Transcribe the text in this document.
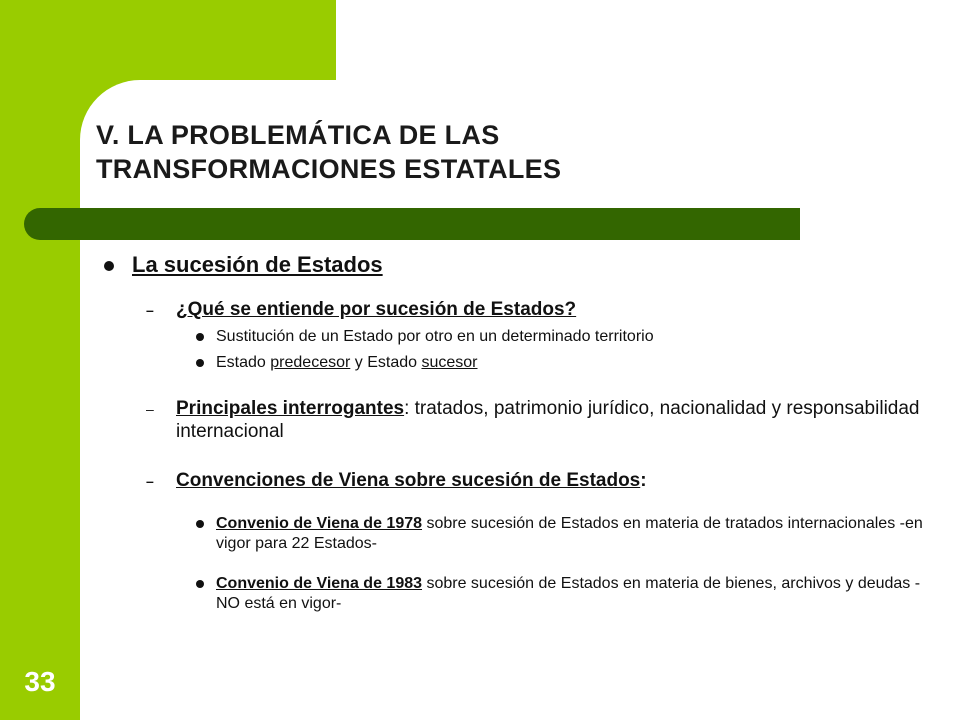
V. LA PROBLEMÁTICA DE LAS
TRANSFORMACIONES ESTATALES
33
La sucesión de Estados
– ¿Qué se entiende por sucesión de Estados?
Sustitución de un Estado por otro en un determinado territorio
Estado predecesor y Estado sucesor
– Principales interrogantes: tratados, patrimonio jurídico, nacionalidad y responsabilidad internacional
– Convenciones de Viena sobre sucesión de Estados:
Convenio de Viena de 1978 sobre sucesión de Estados en materia de tratados internacionales -en vigor para 22 Estados-
Convenio de Viena de 1983 sobre sucesión de Estados en materia de bienes, archivos y deudas -NO está en vigor-
